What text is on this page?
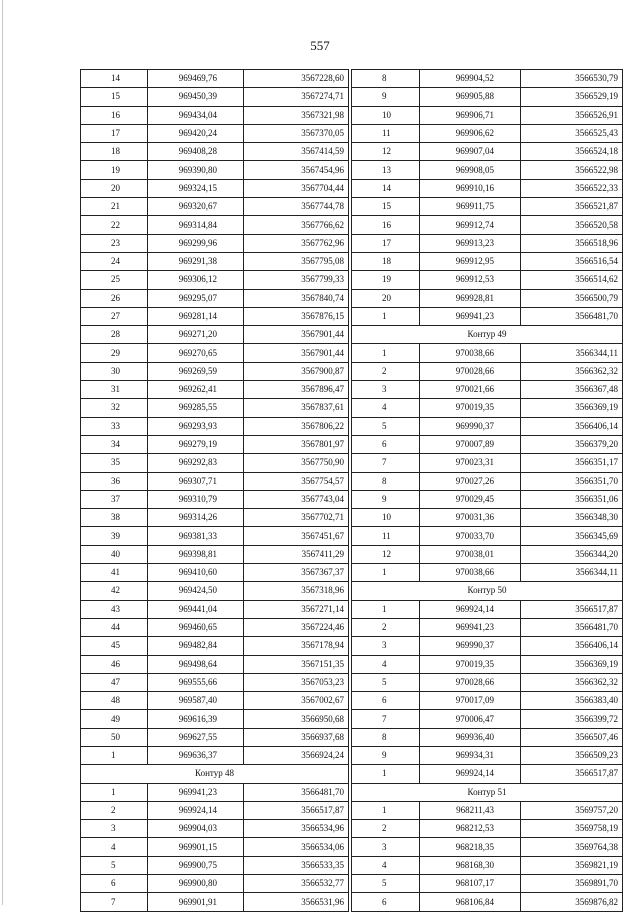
557
14	969469,76	3567228,60
15	969450,39	3567274,71
16	969434,04	3567321,98
17	969420,24	3567370,05
18	969408,28	3567414,59
19	969390,80	3567454,96
20	969324,15	3567704,44
21	969320,67	3567744,78
22	969314,84	3567766,62
23	969299,96	3567762,96
24	969291,38	3567795,08
25	969306,12	3567799,33
26	969295,07	3567840,74
27	969281,14	3567876,15
28	969271,20	3567901,44
29	969270,65	3567901,44
30	969269,59	3567900,87
31	969262,41	3567896,47
32	969285,55	3567837,61
33	969293,93	3567806,22
34	969279,19	3567801,97
35	969292,83	3567750,90
36	969307,71	3567754,57
37	969310,79	3567743,04
38	969314,26	3567702,71
39	969381,33	3567451,67
40	969398,81	3567411,29
41	969410,60	3567367,37
42	969424,50	3567318,96
43	969441,04	3567271,14
44	969460,65	3567224,46
45	969482,84	3567178,94
46	969498,64	3567151,35
47	969555,66	3567053,23
48	969587,40	3567002,67
49	969616,39	3566950,68
50	969627,55	3566937,68
1	969636,37	3566924,24
Контур 48		
1	969941,23	3566481,70
2	969924,14	3566517,87
3	969904,03	3566534,96
4	969901,15	3566534,06
5	969900,75	3566533,35
6	969900,80	3566532,77
7	969901,91	3566531,96
8	969904,52	3566530,79
9	969905,88	3566529,19
10	969906,71	3566526,91
11	969906,62	3566525,43
12	969907,04	3566524,18
13	969908,05	3566522,98
14	969910,16	3566522,33
15	969911,75	3566521,87
16	969912,74	3566520,58
17	969913,23	3566518,96
18	969912,95	3566516,54
19	969912,53	3566514,62
20	969928,81	3566500,79
1	969941,23	3566481,70
Контур 49		
1	970038,66	3566344,11
2	970028,66	3566362,32
3	970021,66	3566367,48
4	970019,35	3566369,19
5	969990,37	3566406,14
6	970007,89	3566379,20
7	970023,31	3566351,17
8	970027,26	3566351,70
9	970029,45	3566351,06
10	970031,36	3566348,30
11	970033,70	3566345,69
12	970038,01	3566344,20
1	970038,66	3566344,11
Контур 50		
1	969924,14	3566517,87
2	969941,23	3566481,70
3	969990,37	3566406,14
4	970019,35	3566369,19
5	970028,66	3566362,32
6	970017,09	3566383,40
7	970006,47	3566399,72
8	969936,40	3566507,46
9	969934,31	3566509,23
1	969924,14	3566517,87
Контур 51		
1	968211,43	3569757,20
2	968212,53	3569758,19
3	968218,35	3569764,38
4	968168,30	3569821,19
5	968107,17	3569891,70
6	968106,84	3569876,82
